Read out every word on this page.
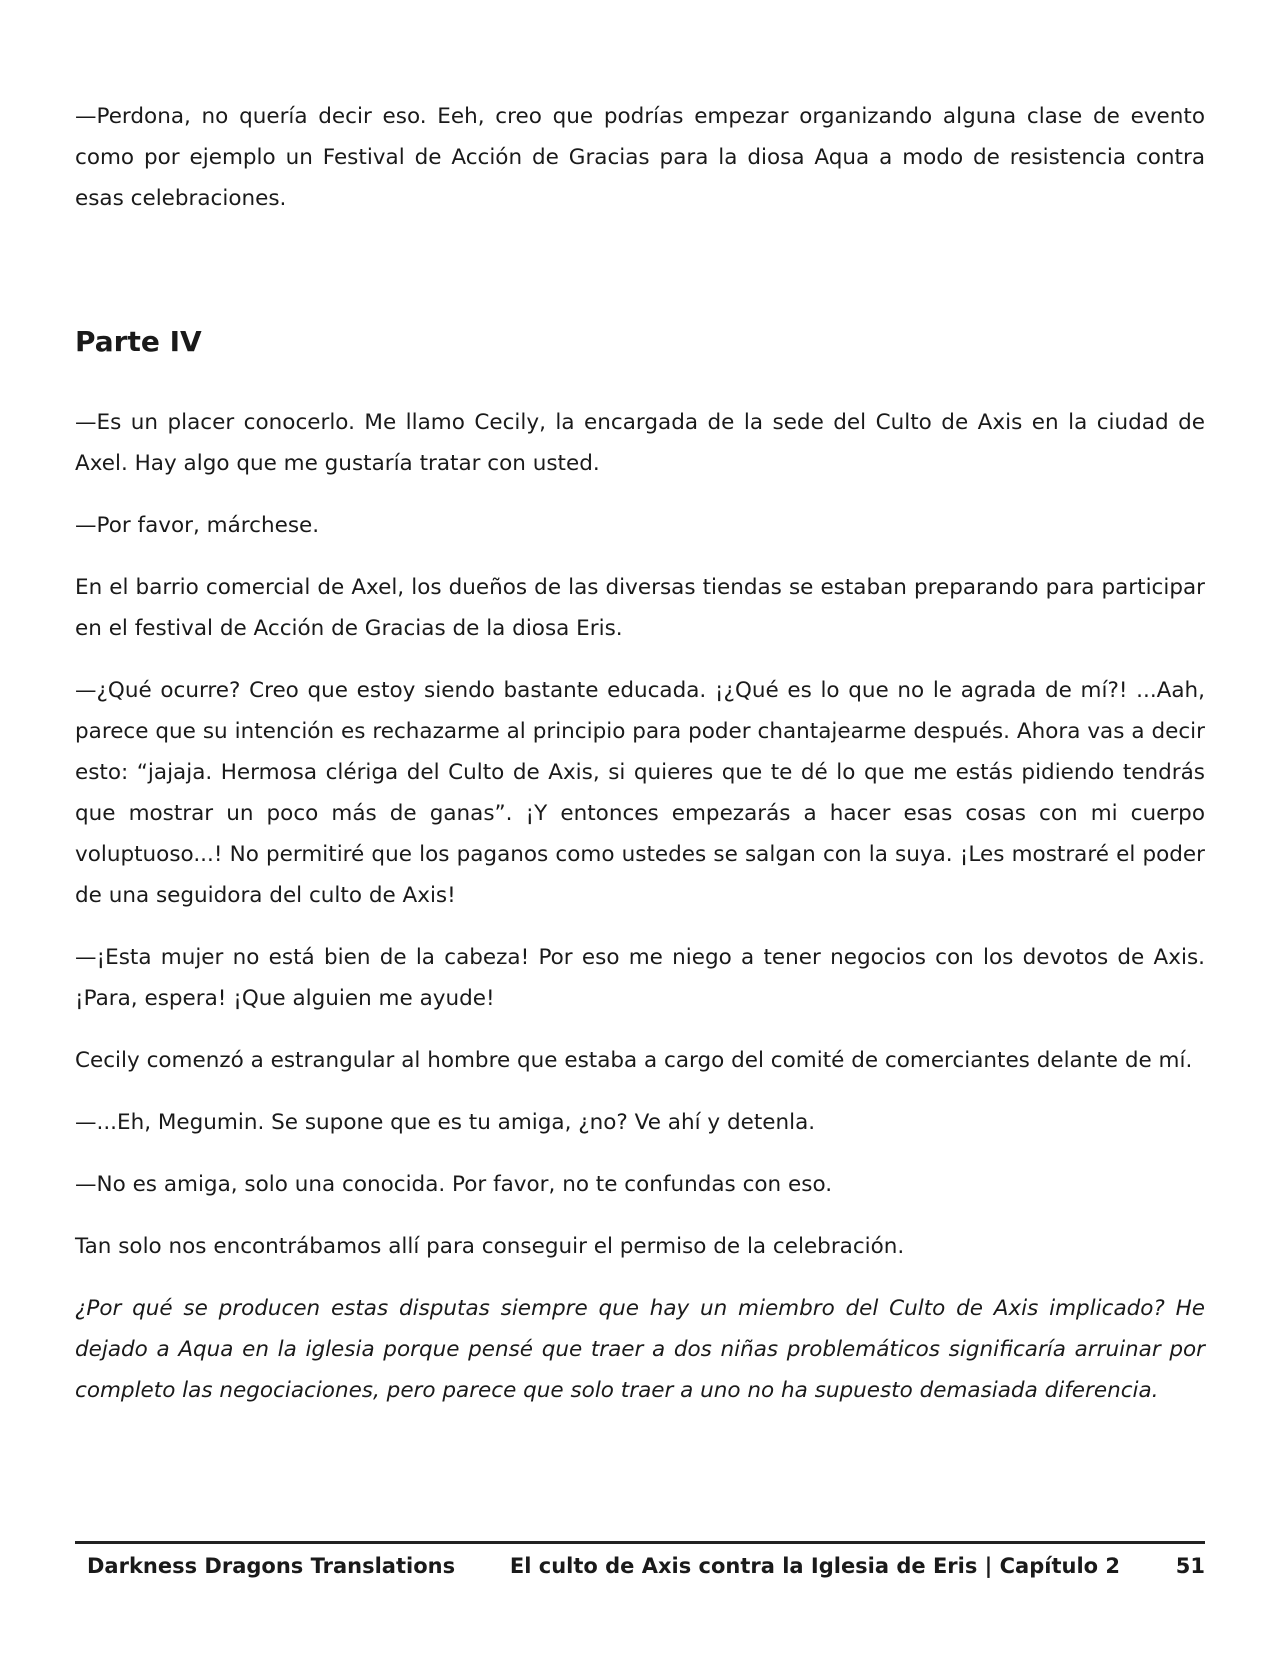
—Perdona, no quería decir eso. Eeh, creo que podrías empezar organizando alguna clase de evento como por ejemplo un Festival de Acción de Gracias para la diosa Aqua a modo de resistencia contra esas celebraciones.

Parte IV

—Es un placer conocerlo. Me llamo Cecily, la encargada de la sede del Culto de Axis en la ciudad de Axel. Hay algo que me gustaría tratar con usted.

—Por favor, márchese.

En el barrio comercial de Axel, los dueños de las diversas tiendas se estaban preparando para participar en el festival de Acción de Gracias de la diosa Eris.

—¿Qué ocurre? Creo que estoy siendo bastante educada. ¡¿Qué es lo que no le agrada de mí?! ...Aah, parece que su intención es rechazarme al principio para poder chantajearme después. Ahora vas a decir esto: “jajaja. Hermosa clériga del Culto de Axis, si quieres que te dé lo que me estás pidiendo tendrás que mostrar un poco más de ganas”. ¡Y entonces empezarás a hacer esas cosas con mi cuerpo voluptuoso...! No permitiré que los paganos como ustedes se salgan con la suya. ¡Les mostraré el poder de una seguidora del culto de Axis!

—¡Esta mujer no está bien de la cabeza! Por eso me niego a tener negocios con los devotos de Axis. ¡Para, espera! ¡Que alguien me ayude!

Cecily comenzó a estrangular al hombre que estaba a cargo del comité de comerciantes delante de mí.

—...Eh, Megumin. Se supone que es tu amiga, ¿no? Ve ahí y detenla.

—No es amiga, solo una conocida. Por favor, no te confundas con eso.

Tan solo nos encontrábamos allí para conseguir el permiso de la celebración.

¿Por qué se producen estas disputas siempre que hay un miembro del Culto de Axis implicado? He dejado a Aqua en la iglesia porque pensé que traer a dos niñas problemáticos significaría arruinar por completo las negociaciones, pero parece que solo traer a uno no ha supuesto demasiada diferencia.

Darkness Dragons Translations	El culto de Axis contra la Iglesia de Eris | Capítulo 2	51
